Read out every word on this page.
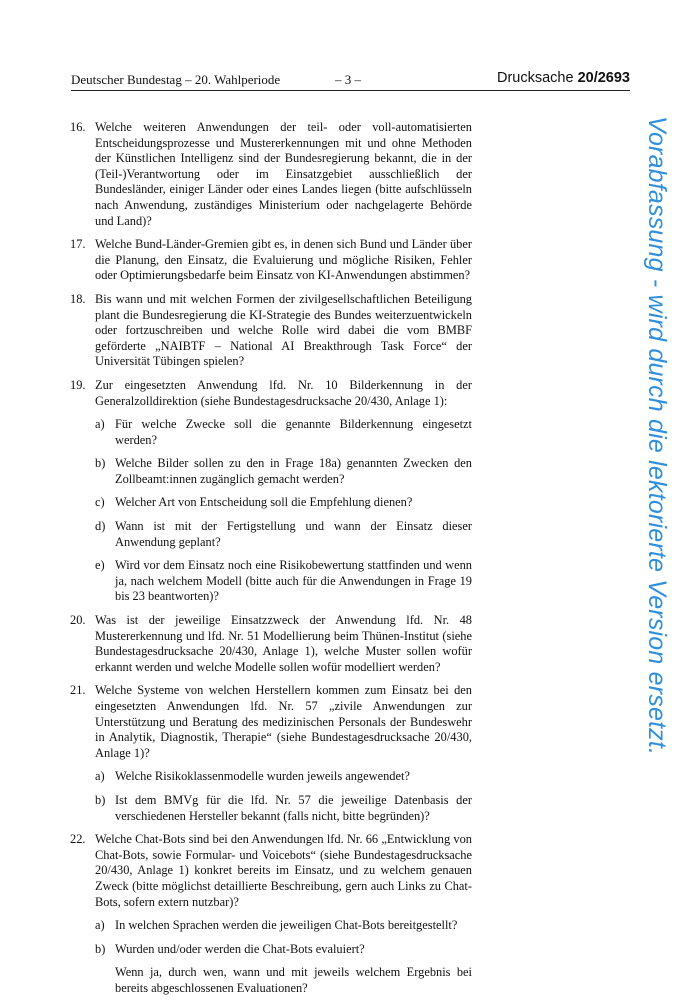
Deutscher Bundestag – 20. Wahlperiode	– 3 –	Drucksache 20/2693
Vorabfassung - wird durch die lektorierte Version ersetzt.
16. Welche weiteren Anwendungen der teil- oder voll-automatisierten Entscheidungsprozesse und Mustererkennungen mit und ohne Methoden der Künstlichen Intelligenz sind der Bundesregierung bekannt, die in der (Teil-)Verantwortung oder im Einsatzgebiet ausschließlich der Bundesländer, einiger Länder oder eines Landes liegen (bitte aufschlüsseln nach Anwendung, zuständiges Ministerium oder nachgelagerte Behörde und Land)?
17. Welche Bund-Länder-Gremien gibt es, in denen sich Bund und Länder über die Planung, den Einsatz, die Evaluierung und mögliche Risiken, Fehler oder Optimierungsbedarfe beim Einsatz von KI-Anwendungen abstimmen?
18. Bis wann und mit welchen Formen der zivilgesellschaftlichen Beteiligung plant die Bundesregierung die KI-Strategie des Bundes weiterzuentwickeln oder fortzuschreiben und welche Rolle wird dabei die vom BMBF geförderte „NAIBTF – National AI Breakthrough Task Force“ der Universität Tübingen spielen?
19. Zur eingesetzten Anwendung lfd. Nr. 10 Bilderkennung in der Generalzolldirektion (siehe Bundestagesdrucksache 20/430, Anlage 1):
a) Für welche Zwecke soll die genannte Bilderkennung eingesetzt werden?
b) Welche Bilder sollen zu den in Frage 18a) genannten Zwecken den Zollbeamt:innen zugänglich gemacht werden?
c) Welcher Art von Entscheidung soll die Empfehlung dienen?
d) Wann ist mit der Fertigstellung und wann der Einsatz dieser Anwendung geplant?
e) Wird vor dem Einsatz noch eine Risikobewertung stattfinden und wenn ja, nach welchem Modell (bitte auch für die Anwendungen in Frage 19 bis 23 beantworten)?
20. Was ist der jeweilige Einsatzzweck der Anwendung lfd. Nr. 48 Mustererkennung und lfd. Nr. 51 Modellierung beim Thünen-Institut (siehe Bundestagesdrucksache 20/430, Anlage 1), welche Muster sollen wofür erkannt werden und welche Modelle sollen wofür modelliert werden?
21. Welche Systeme von welchen Herstellern kommen zum Einsatz bei den eingesetzten Anwendungen lfd. Nr. 57 „zivile Anwendungen zur Unterstützung und Beratung des medizinischen Personals der Bundeswehr in Analytik, Diagnostik, Therapie“ (siehe Bundestagesdrucksache 20/430, Anlage 1)?
a) Welche Risikoklassenmodelle wurden jeweils angewendet?
b) Ist dem BMVg für die lfd. Nr. 57 die jeweilige Datenbasis der verschiedenen Hersteller bekannt (falls nicht, bitte begründen)?
22. Welche Chat-Bots sind bei den Anwendungen lfd. Nr. 66 „Entwicklung von Chat-Bots, sowie Formular- und Voicebots“ (siehe Bundestagesdrucksache 20/430, Anlage 1) konkret bereits im Einsatz, und zu welchem genauen Zweck (bitte möglichst detaillierte Beschreibung, gern auch Links zu Chat-Bots, sofern extern nutzbar)?
a) In welchen Sprachen werden die jeweiligen Chat-Bots bereitgestellt?
b) Wurden und/oder werden die Chat-Bots evaluiert?
Wenn ja, durch wen, wann und mit jeweils welchem Ergebnis bei bereits abgeschlossenen Evaluationen?
